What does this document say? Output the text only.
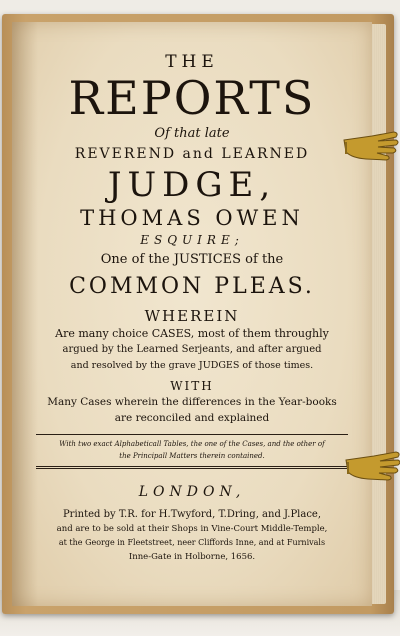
THE
REPORTS
Of that late
REVEREND and LEARNED
JUDGE,
THOMAS OWEN
ESQUIRE;
One of the JUSTICES of the
COMMON PLEAS.
WHEREIN
Are many choice CASES, most of them throughly
argued by the Learned Serjeants, and after argued
and resolved by the grave JUDGES of those times.
WITH
Many Cases wherein the differences in the Year-books
are reconciled and explained
With two exact Alphabeticall Tables, the one of the Cases, and the other of
the Principall Matters therein contained.
LONDON,
Printed by T.R. for H.Twyford, T.Dring, and J.Place,
and are to be sold at their Shops in Vine-Court Middle-Temple,
at the George in Fleetstreet, neer Cliffords Inne, and at Furnivals
Inne-Gate in Holborne, 1656.
